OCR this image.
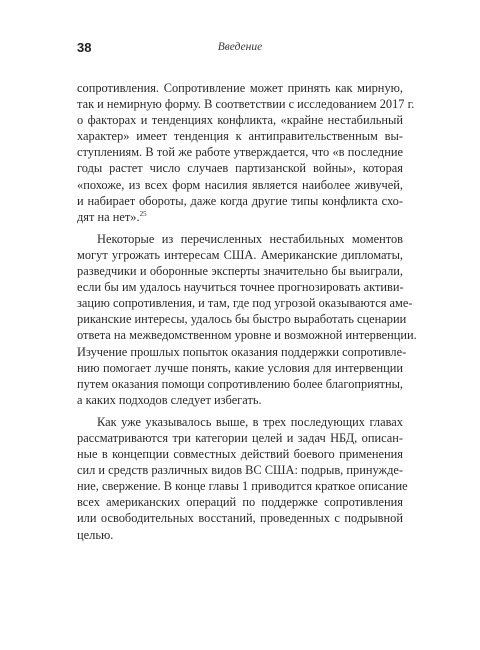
38	Введение

сопротивления. Сопротивление может принять как мирную,
так и немирную форму. В соответствии с исследованием 2017 г.
о факторах и тенденциях конфликта, «крайне нестабильный
характер» имеет тенденция к антиправительственным вы-
ступлениям. В той же работе утверждается, что «в последние
годы растет число случаев партизанской войны», которая
«похоже, из всех форм насилия является наиболее живучей,
и набирает обороты, даже когда другие типы конфликта схо-
дят на нет».$^{25}$

Некоторые из перечисленных нестабильных моментов
могут угрожать интересам США. Американские дипломаты,
разведчики и оборонные эксперты значительно бы выиграли,
если бы им удалось научиться точнее прогнозировать активи-
зацию сопротивления, и там, где под угрозой оказываются аме-
риканские интересы, удалось бы быстро выработать сценарии
ответа на межведомственном уровне и возможной интервенции.
Изучение прошлых попыток оказания поддержки сопротивле-
нию помогает лучше понять, какие условия для интервенции
путем оказания помощи сопротивлению более благоприятны,
а каких подходов следует избегать.

Как уже указывалось выше, в трех последующих главах
рассматриваются три категории целей и задач НБД, описан-
ные в концепции совместных действий боевого применения
сил и средств различных видов ВС США: подрыв, принужде-
ние, свержение. В конце главы 1 приводится краткое описание
всех американских операций по поддержке сопротивления
или освободительных восстаний, проведенных с подрывной
целью.
